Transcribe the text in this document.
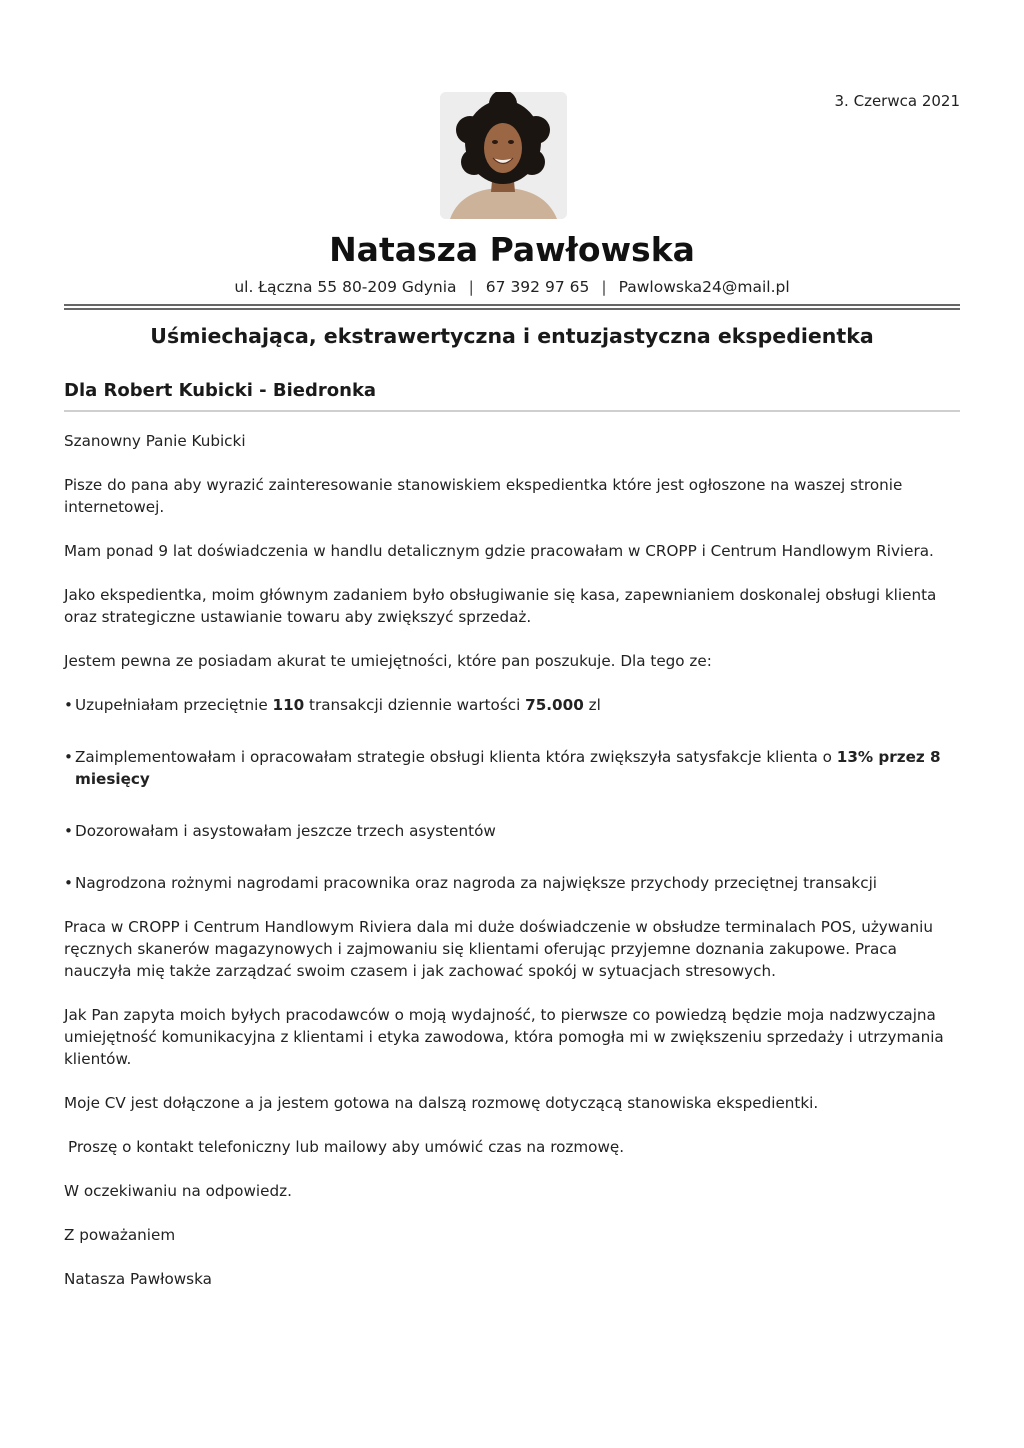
3. Czerwca 2021
Natasza Pawłowska
ul. Łączna 55 80-209 Gdynia | 67 392 97 65 | Pawlowska24@mail.pl
Uśmiechająca, ekstrawertyczna i entuzjastyczna ekspedientka
Dla Robert Kubicki - Biedronka

Szanowny Panie Kubicki

Pisze do pana aby wyrazić zainteresowanie stanowiskiem ekspedientka które jest ogłoszone na waszej stronie internetowej.

Mam ponad 9 lat doświadczenia w handlu detalicznym gdzie pracowałam w CROPP i Centrum Handlowym Riviera.

Jako ekspedientka, moim głównym zadaniem było obsługiwanie się kasa, zapewnianiem doskonalej obsługi klienta oraz strategiczne ustawianie towaru aby zwiększyć sprzedaż.

Jestem pewna ze posiadam akurat te umiejętności, które pan poszukuje. Dla tego ze:

• Uzupełniałam przeciętnie 110 transakcji dziennie wartości 75.000 zl
• Zaimplementowałam i opracowałam strategie obsługi klienta która zwiększyła satysfakcje klienta o 13% przez 8 miesięcy
• Dozorowałam i asystowałam jeszcze trzech asystentów
• Nagrodzona rożnymi nagrodami pracownika oraz nagroda za największe przychody przeciętnej transakcji

Praca w CROPP i Centrum Handlowym Riviera dala mi duże doświadczenie w obsłudze terminalach POS, używaniu ręcznych skanerów magazynowych i zajmowaniu się klientami oferując przyjemne doznania zakupowe. Praca nauczyła mię także zarządzać swoim czasem i jak zachować spokój w sytuacjach stresowych.

Jak Pan zapyta moich byłych pracodawców o moją wydajność, to pierwsze co powiedzą będzie moja nadzwyczajna umiejętność komunikacyjna z klientami i etyka zawodowa, która pomogła mi w zwiększeniu sprzedaży i utrzymania klientów.

Moje CV jest dołączone a ja jestem gotowa na dalszą rozmowę dotyczącą stanowiska ekspedientki.

Proszę o kontakt telefoniczny lub mailowy aby umówić czas na rozmowę.

W oczekiwaniu na odpowiedz.

Z poważaniem

Natasza Pawłowska
